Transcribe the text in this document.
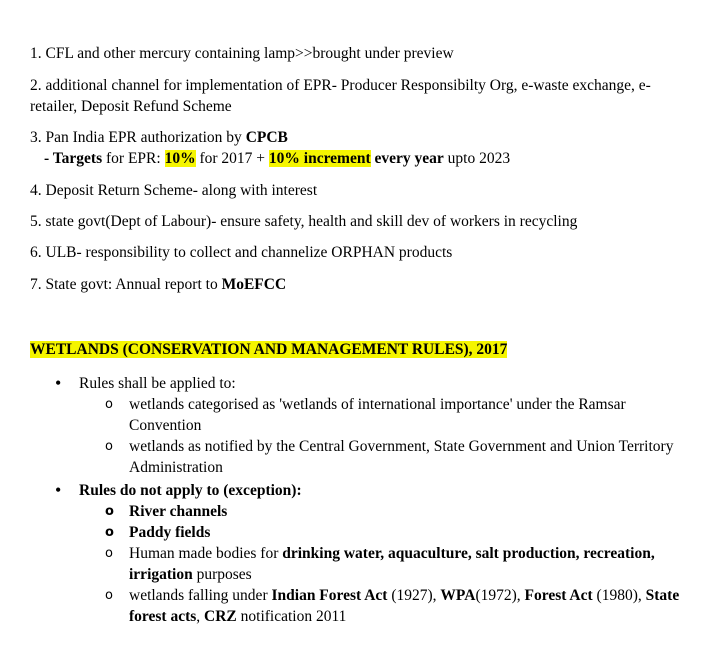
1. CFL and other mercury containing lamp>>brought under preview
2. additional channel for implementation of EPR- Producer Responsibilty Org, e-waste exchange, e-retailer, Deposit Refund Scheme
3. Pan India EPR authorization by CPCB
- Targets for EPR: 10% for 2017 + 10% increment every year upto 2023
4. Deposit Return Scheme- along with interest
5. state govt(Dept of Labour)- ensure safety, health and skill dev of workers in recycling
6. ULB- responsibility to collect and channelize ORPHAN products
7. State govt: Annual report to MoEFCC
WETLANDS (CONSERVATION AND MANAGEMENT RULES), 2017
• Rules shall be applied to:
o wetlands categorised as 'wetlands of international importance' under the Ramsar Convention
o wetlands as notified by the Central Government, State Government and Union Territory Administration
• Rules do not apply to (exception):
o River channels
o Paddy fields
o Human made bodies for drinking water, aquaculture, salt production, recreation, irrigation purposes
o wetlands falling under Indian Forest Act (1927), WPA(1972), Forest Act (1980), State forest acts, CRZ notification 2011
